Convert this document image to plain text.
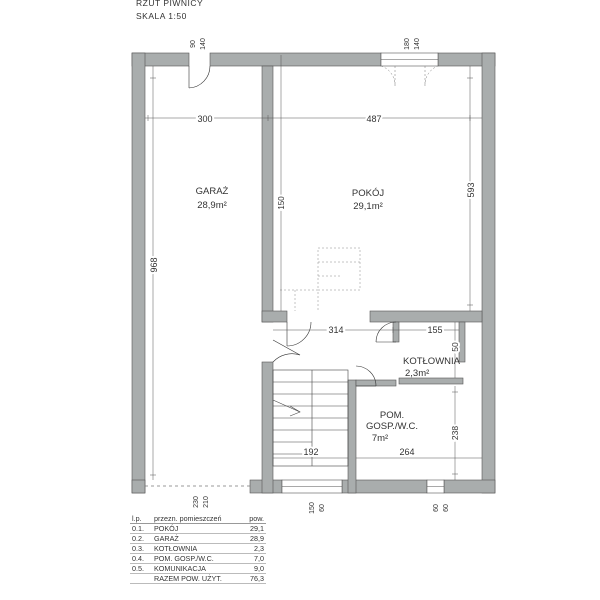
RZUT PIWNICY
SKALA 1:50
GARAŻ
28,9m²
POKÓJ
29,1m²
KOTŁOWNIA
2,3m²
POM.
GOSP./W.C.
7m²
300	487
593
968
150
314	155
50
192	264
238
90 140	180 140
230 210
150 60	60 60
l.p.	przezn. pomieszczeń	pow.
0.1.	POKÓJ	29,1
0.2.	GARAŻ	28,9
0.3.	KOTŁOWNIA	2,3
0.4.	POM. GOSP./W.C.	7,0
0.5.	KOMUNIKACJA	9,0
	RAZEM POW. UŻYT.	76,3
